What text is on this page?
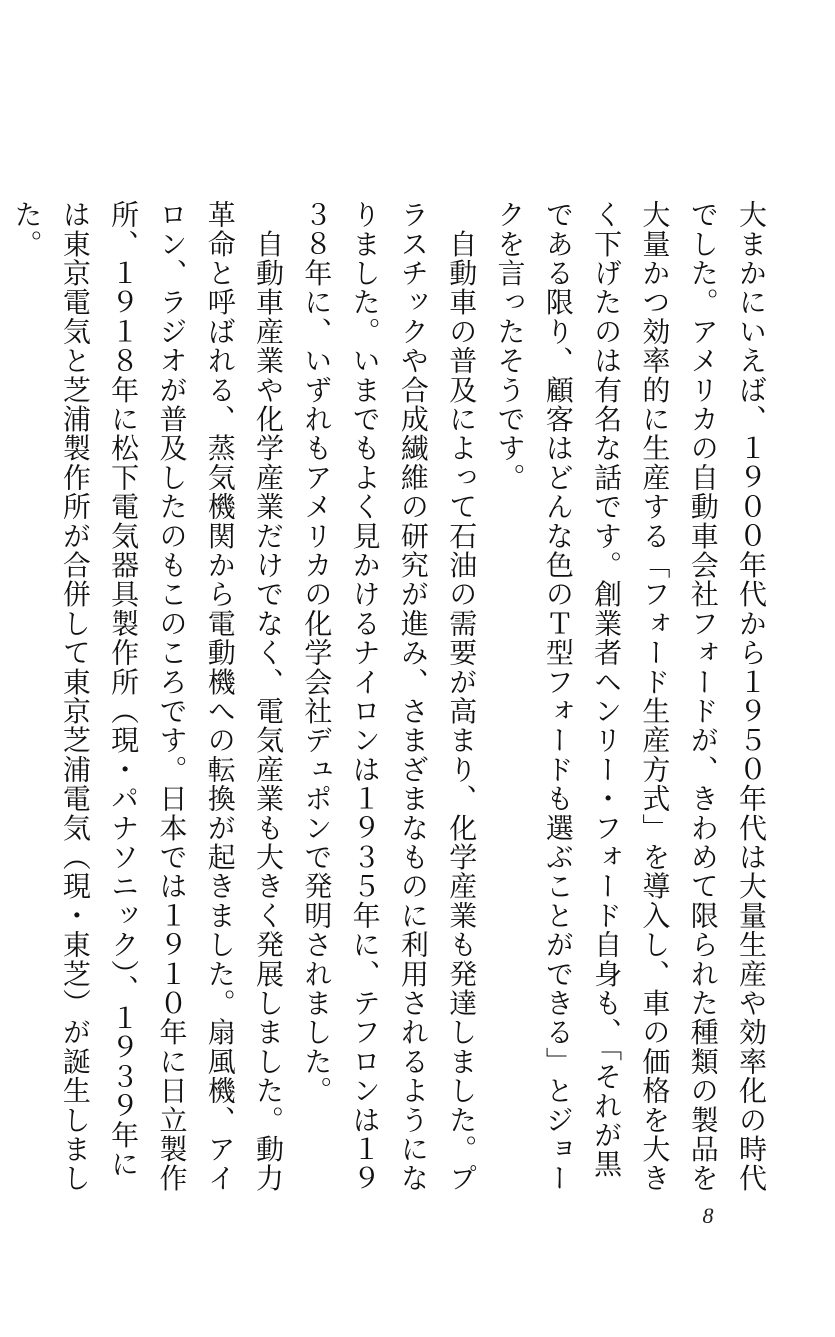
大まかにいえば、１９００年代から１９５０年代は大量生産や効率化の時代でした。アメリカの自動車会社フォードが、きわめて限られた種類の製品を大量かつ効率的に生産する「フォード生産方式」を導入し、車の価格を大きく下げたのは有名な話です。創業者ヘンリー・フォード自身も、「それが黒である限り、顧客はどんな色のＴ型フォードも選ぶことができる」とジョークを言ったそうです。

　自動車の普及によって石油の需要が高まり、化学産業も発達しました。プラスチックや合成繊維の研究が進み、さまざまなものに利用されるようになりました。いまでもよく見かけるナイロンは１９３５年に、テフロンは１９３８年に、いずれもアメリカの化学会社デュポンで発明されました。

　自動車産業や化学産業だけでなく、電気産業も大きく発展しました。動力革命と呼ばれる、蒸気機関から電動機への転換が起きました。扇風機、アイロン、ラジオが普及したのもこのころです。日本では１９１０年に日立製作所、１９１８年に松下電気器具製作所（現・パナソニック）、１９３９年には東京電気と芝浦製作所が合併して東京芝浦電気（現・東芝）が誕生しました。

8
